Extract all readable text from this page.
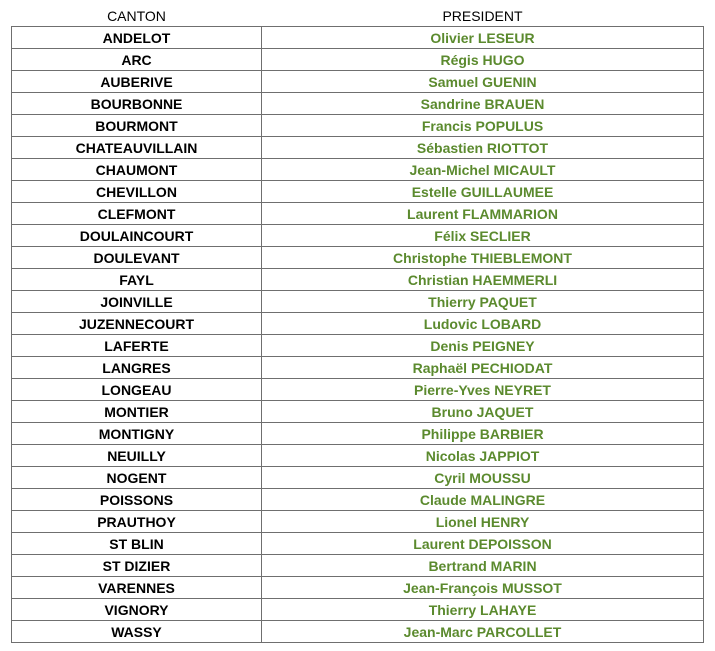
CANTON	PRESIDENT
ANDELOT	Olivier LESEUR
ARC	Régis HUGO
AUBERIVE	Samuel GUENIN
BOURBONNE	Sandrine BRAUEN
BOURMONT	Francis POPULUS
CHATEAUVILLAIN	Sébastien RIOTTOT
CHAUMONT	Jean-Michel MICAULT
CHEVILLON	Estelle GUILLAUMEE
CLEFMONT	Laurent FLAMMARION
DOULAINCOURT	Félix SECLIER
DOULEVANT	Christophe THIEBLEMONT
FAYL	Christian HAEMMERLI
JOINVILLE	Thierry PAQUET
JUZENNECOURT	Ludovic LOBARD
LAFERTE	Denis PEIGNEY
LANGRES	Raphaël PECHIODAT
LONGEAU	Pierre-Yves NEYRET
MONTIER	Bruno JAQUET
MONTIGNY	Philippe BARBIER
NEUILLY	Nicolas JAPPIOT
NOGENT	Cyril MOUSSU
POISSONS	Claude MALINGRE
PRAUTHOY	Lionel HENRY
ST BLIN	Laurent DEPOISSON
ST DIZIER	Bertrand MARIN
VARENNES	Jean-François MUSSOT
VIGNORY	Thierry LAHAYE
WASSY	Jean-Marc PARCOLLET
